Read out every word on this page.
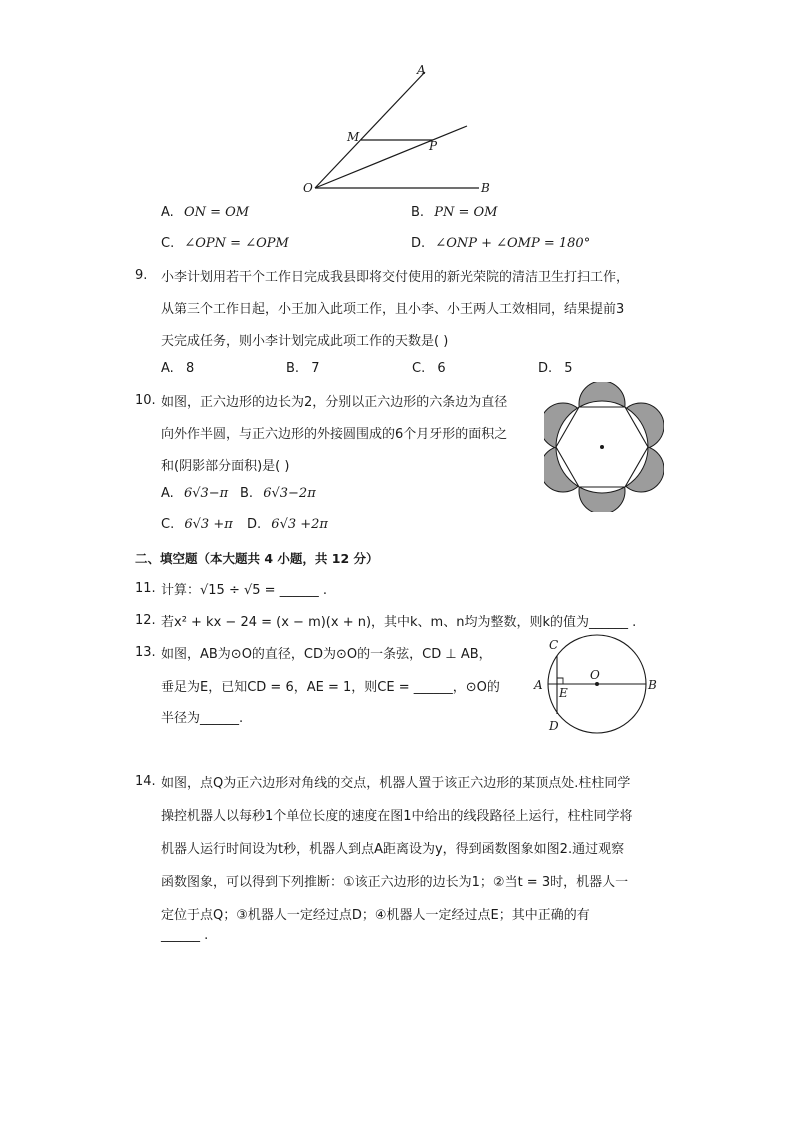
A
M
P
O	B
A. ON = OM	B. PN = OM
C. ∠OPN = ∠OPM	D. ∠ONP + ∠OMP = 180°
9. 小李计划用若干个工作日完成我县即将交付使用的新光荣院的清洁卫生打扫工作，
从第三个工作日起，小王加入此项工作，且小李、小王两人工效相同，结果提前3
天完成任务，则小李计划完成此项工作的天数是( )
A. 8	B. 7	C. 6	D. 5
10. 如图，正六边形的边长为2，分别以正六边形的六条边为直径
向外作半圆，与正六边形的外接圆围成的6个月牙形的面积之
和(阴影部分面积)是( )
A. 6√3−π B. 6√3−2π
C. 6√3 +π D. 6√3 +2π
二、填空题（本大题共 4 小题，共 12 分）
11. 计算：√15 ÷ √5 = ______ .
12. 若x² + kx − 24 = (x − m)(x + n)，其中k、m、n均为整数，则k的值为______ .
13. 如图，AB为⊙O的直径，CD为⊙O的一条弦，CD ⊥ AB，
垂足为E，已知CD = 6，AE = 1，则CE = ______，⊙O的
半径为______.
C
A
E
O
B
D
14. 如图，点Q为正六边形对角线的交点，机器人置于该正六边形的某顶点处.柱柱同学
操控机器人以每秒1个单位长度的速度在图1中给出的线段路径上运行，柱柱同学将
机器人运行时间设为t秒，机器人到点A距离设为y，得到函数图象如图2.通过观察
函数图象，可以得到下列推断：①该正六边形的边长为1；②当t = 3时，机器人一
定位于点Q；③机器人一定经过点D；④机器人一定经过点E；其中正确的有
______ .
